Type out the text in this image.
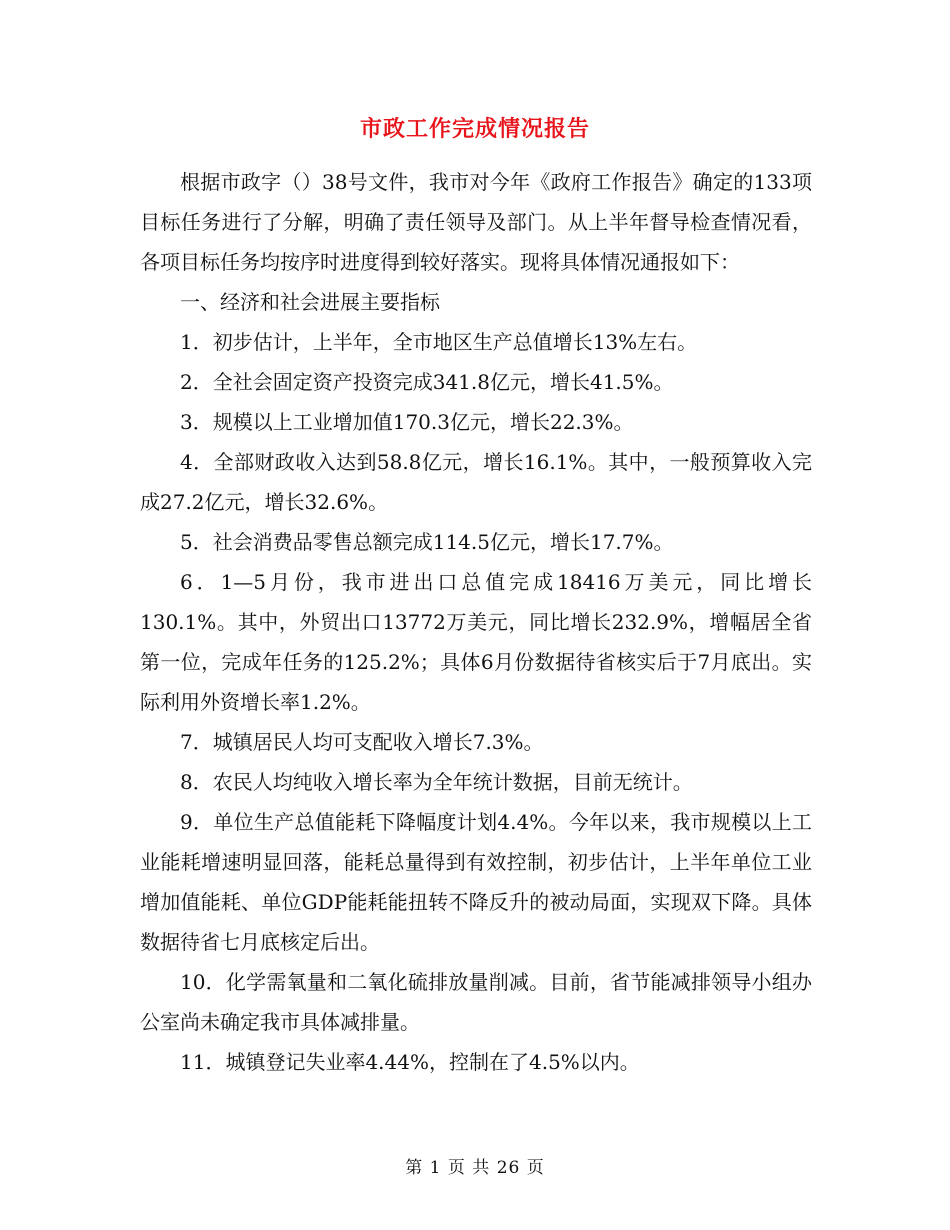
市政工作完成情况报告

根据市政字（）38号文件，我市对今年《政府工作报告》确定的133项目标任务进行了分解，明确了责任领导及部门。从上半年督导检查情况看，各项目标任务均按序时进度得到较好落实。现将具体情况通报如下：

一、经济和社会进展主要指标

1．初步估计，上半年，全市地区生产总值增长13%左右。

2．全社会固定资产投资完成341.8亿元，增长41.5%。

3．规模以上工业增加值170.3亿元，增长22.3%。

4．全部财政收入达到58.8亿元，增长16.1%。其中，一般预算收入完成27.2亿元，增长32.6%。

5．社会消费品零售总额完成114.5亿元，增长17.7%。

6．1—5月份，我市进出口总值完成18416万美元，同比增长130.1%。其中，外贸出口13772万美元，同比增长232.9%，增幅居全省第一位，完成年任务的125.2%；具体6月份数据待省核实后于7月底出。实际利用外资增长率1.2%。

7．城镇居民人均可支配收入增长7.3%。

8．农民人均纯收入增长率为全年统计数据，目前无统计。

9．单位生产总值能耗下降幅度计划4.4%。今年以来，我市规模以上工业能耗增速明显回落，能耗总量得到有效控制，初步估计，上半年单位工业增加值能耗、单位GDP能耗能扭转不降反升的被动局面，实现双下降。具体数据待省七月底核定后出。

10．化学需氧量和二氧化硫排放量削减。目前，省节能减排领导小组办公室尚未确定我市具体减排量。

11．城镇登记失业率4.44%，控制在了4.5%以内。

第 1 页 共 26 页
